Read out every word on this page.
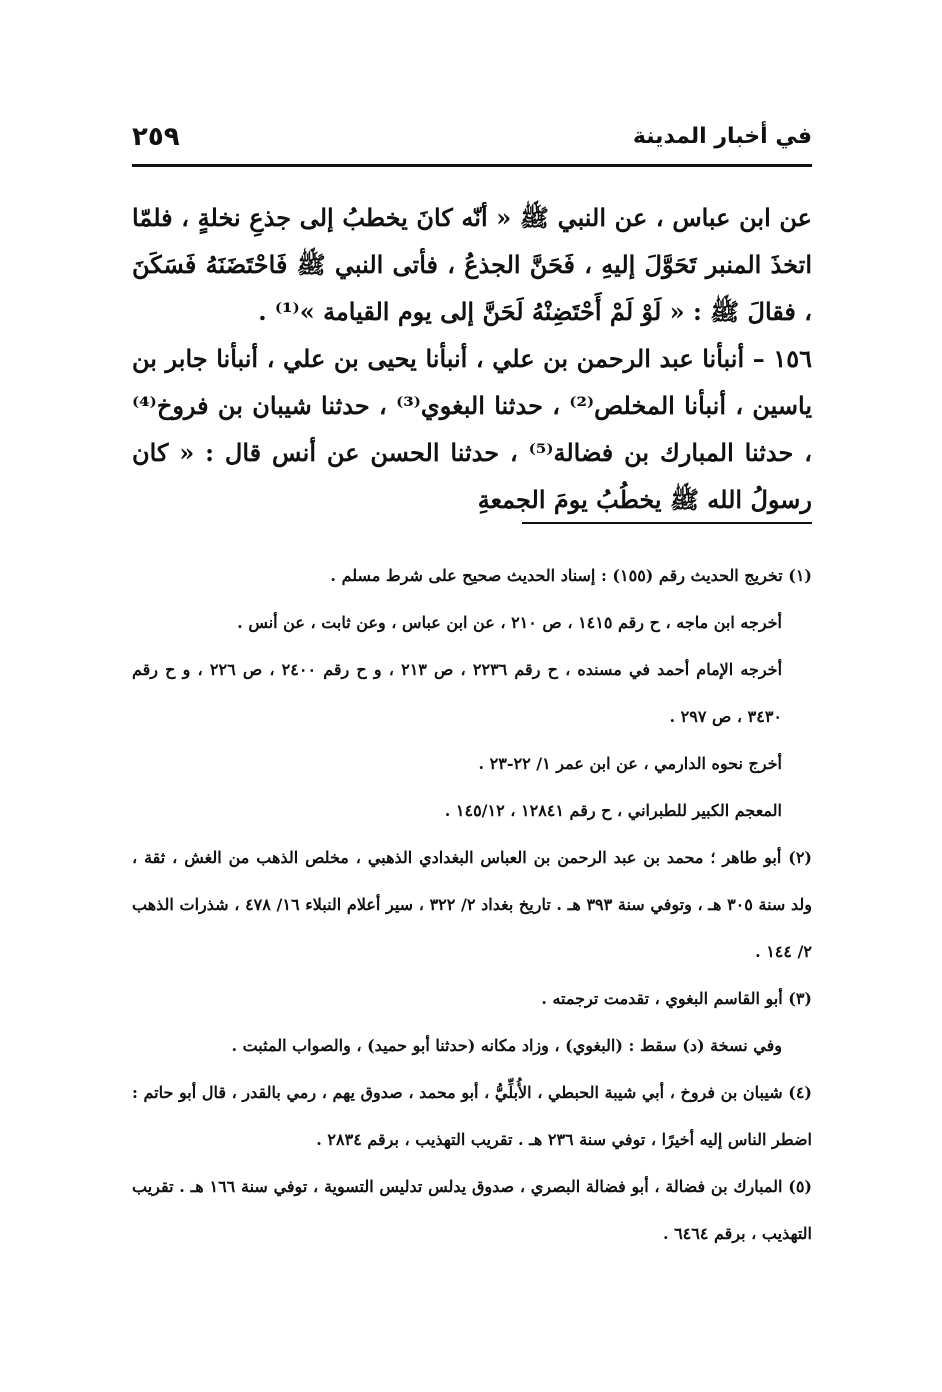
٢٥٩	في أخبار المدينة

عن ابن عباس ، عن النبي ﷺ « أنّه كانَ يخطبُ إلى جذعِ نخلةٍ ، فلمّا اتخذَ المنبر تَحَوَّلَ إليهِ ، فَحَنَّ الجذعُ ، فأتى النبي ﷺ فَاحْتَضَنَهُ فَسَكَنَ ، فقالَ ﷺ : « لَوْ لَمْ أَحْتَضِنْهُ لَحَنَّ إلى يوم القيامة »⁽¹⁾ .

١٥٦ – أنبأنا عبد الرحمن بن علي ، أنبأنا يحيى بن علي ، أنبأنا جابر بن ياسين ، أنبأنا المخلص⁽²⁾ ، حدثنا البغوي⁽³⁾ ، حدثنا شيبان بن فروخ⁽⁴⁾ ، حدثنا المبارك بن فضالة⁽⁵⁾ ، حدثنا الحسن عن أنس قال : « كان رسولُ الله ﷺ يخطُبُ يومَ الجمعةِ

(١) تخريج الحديث رقم (١٥٥) : إسناد الحديث صحيح على شرط مسلم .

أخرجه ابن ماجه ، ح رقم ١٤١٥ ، ص ٢١٠ ، عن ابن عباس ، وعن ثابت ، عن أنس .

أخرجه الإمام أحمد في مسنده ، ح رقم ٢٢٣٦ ، ص ٢١٣ ، و ح رقم ٢٤٠٠ ، ص ٢٢٦ ، و ح رقم ٣٤٣٠ ، ص ٢٩٧ .

أخرج نحوه الدارمي ، عن ابن عمر ١/ ٢٢-٢٣ .

المعجم الكبير للطبراني ، ح رقم ١٢٨٤١ ، ١٤٥/١٢ .

(٢) أبو طاهر ؛ محمد بن عبد الرحمن بن العباس البغدادي الذهبي ، مخلص الذهب من الغش ، ثقة ، ولد سنة ٣٠٥ هـ ، وتوفي سنة ٣٩٣ هـ . تاريخ بغداد ٢/ ٣٢٢ ، سير أعلام النبلاء ١٦/ ٤٧٨ ، شذرات الذهب ٢/ ١٤٤ .

(٣) أبو القاسم البغوي ، تقدمت ترجمته .

وفي نسخة (د) سقط : (البغوي) ، وزاد مكانه (حدثنا أبو حميد) ، والصواب المثبت .

(٤) شيبان بن فروخ ، أبي شيبة الحبطي ، الأُبلِّيُّ ، أبو محمد ، صدوق يهم ، رمي بالقدر ، قال أبو حاتم : اضطر الناس إليه أخيرًا ، توفي سنة ٢٣٦ هـ . تقريب التهذيب ، برقم ٢٨٣٤ .

(٥) المبارك بن فضالة ، أبو فضالة البصري ، صدوق يدلس تدليس التسوية ، توفي سنة ١٦٦ هـ . تقريب التهذيب ، برقم ٦٤٦٤ .
